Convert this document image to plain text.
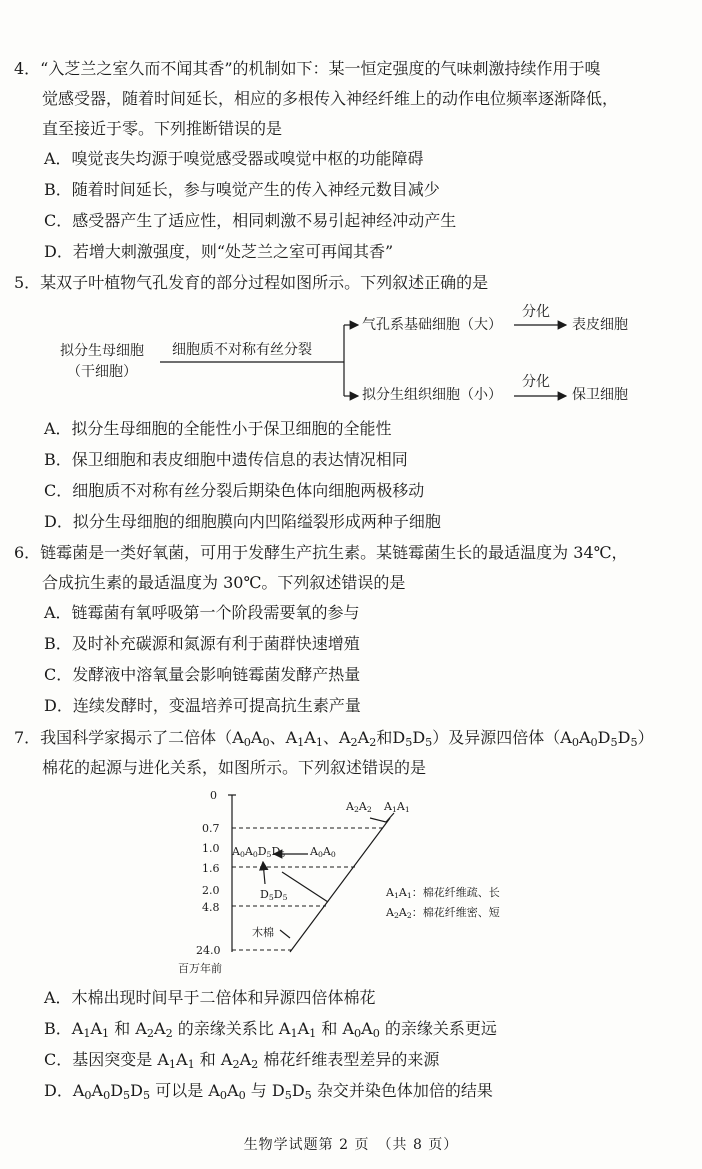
4．“入芝兰之室久而不闻其香”的机制如下：某一恒定强度的气味刺激持续作用于嗅
觉感受器，随着时间延长，相应的多根传入神经纤维上的动作电位频率逐渐降低，
直至接近于零。下列推断错误的是
A．嗅觉丧失均源于嗅觉感受器或嗅觉中枢的功能障碍
B．随着时间延长，参与嗅觉产生的传入神经元数目减少
C．感受器产生了适应性，相同刺激不易引起神经冲动产生
D．若增大刺激强度，则“处芝兰之室可再闻其香”
5．某双子叶植物气孔发育的部分过程如图所示。下列叙述正确的是
拟分生母细胞
（干细胞）
细胞质不对称有丝分裂
气孔系基础细胞（大）
拟分生组织细胞（小）
分化
分化
表皮细胞
保卫细胞
A．拟分生母细胞的全能性小于保卫细胞的全能性
B．保卫细胞和表皮细胞中遗传信息的表达情况相同
C．细胞质不对称有丝分裂后期染色体向细胞两极移动
D．拟分生母细胞的细胞膜向内凹陷缢裂形成两种子细胞
6．链霉菌是一类好氧菌，可用于发酵生产抗生素。某链霉菌生长的最适温度为 34℃，
合成抗生素的最适温度为 30℃。下列叙述错误的是
A．链霉菌有氧呼吸第一个阶段需要氧的参与
B．及时补充碳源和氮源有利于菌群快速增殖
C．发酵液中溶氧量会影响链霉菌发酵产热量
D．连续发酵时，变温培养可提高抗生素产量
7．我国科学家揭示了二倍体（$A_0A_0$、$A_1A_1$、$A_2A_2$和$D_5D_5$）及异源四倍体$(A_0A_0D_5D_5)$
棉花的起源与进化关系，如图所示。下列叙述错误的是
0
0.7
1.0
1.6
2.0
4.8
24.0
百万年前
$A_2A_2$ $A_1A_1$
$A_0A_0D_5D_5$ $A_0A_0$
$D_5D_5$
木棉
$A_1A_1$：棉花纤维疏、长
$A_2A_2$：棉花纤维密、短
A．木棉出现时间早于二倍体和异源四倍体棉花
B．$A_1A_1$ 和 $A_2A_2$ 的亲缘关系比 $A_1A_1$ 和 $A_0A_0$ 的亲缘关系更远
C．基因突变是 $A_1A_1$ 和 $A_2A_2$ 棉花纤维表型差异的来源
D．$A_0A_0D_5D_5$ 可以是 $A_0A_0$ 与 $D_5D_5$ 杂交并染色体加倍的结果
生物学试题第 2 页　（共 8 页）
